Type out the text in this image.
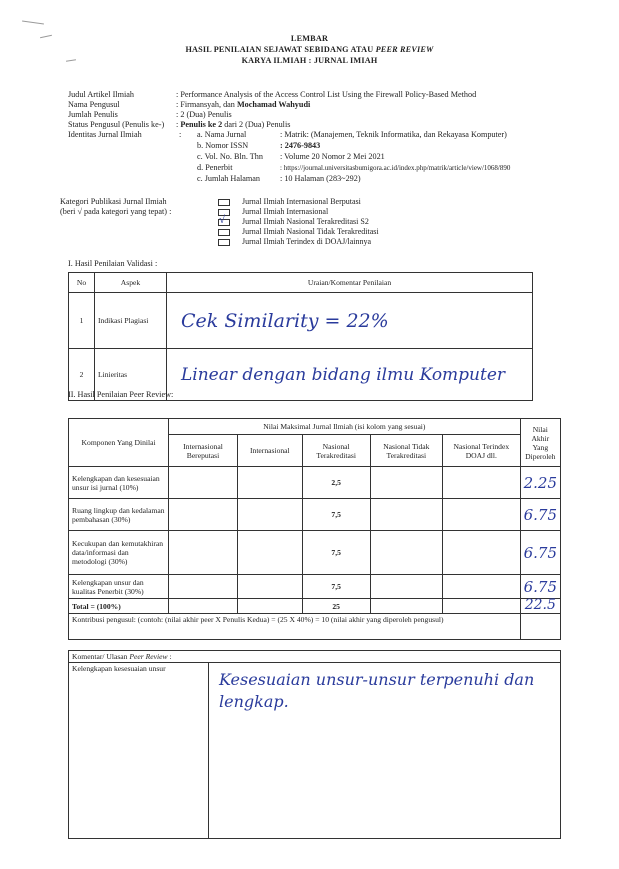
LEMBAR
HASIL PENILAIAN SEJAWAT SEBIDANG ATAU PEER REVIEW
KARYA ILMIAH : JURNAL IMIAH
Judul Artikel Ilmiah	: Performance Analysis of the Access Control List Using the Firewall Policy-Based Method
Nama Pengusul	: Firmansyah, dan Mochamad Wahyudi
Jumlah Penulis	: 2 (Dua) Penulis
Status Pengusul (Penulis ke-) : Penulis ke 2 dari 2 (Dua) Penulis
Identitas Jurnal Ilmiah	: a. Nama Jurnal	: Matrik: (Manajemen, Teknik Informatika, dan Rekayasa Komputer)
b. Nomor ISSN	: 2476-9843
c. Vol. No. Bln. Thn : Volume 20 Nomor 2 Mei 2021
d. Penerbit	: https://journal.universitasbumigora.ac.id/index.php/matrik/article/view/1068/890
c. Jumlah Halaman : 10 Halaman (283~292)
Kategori Publikasi Jurnal Ilmiah
(beri √ pada kategori yang tepat) :
Jurnal Ilmiah Internasional Berputasi
Jurnal Ilmiah Internasional
√ Jurnal Ilmiah Nasional Terakreditasi S2
Jurnal Ilmiah Nasional Tidak Terakreditasi
Jurnal Ilmiah Terindex di DOAJ/lainnya
I. Hasil Penilaian Validasi :
No	Aspek	Uraian/Komentar Penilaian
1	Indikasi Plagiasi	Cek Similarity = 22%
2	Linieritas	Linear dengan bidang ilmu Komputer
II. Hasil Penilaian Peer Review:
Komponen Yang Dinilai	Nilai Maksimal Jurnal Ilmiah (isi kolom yang sesuai)					Nilai Akhir Yang Diperoleh
	Internasional Bereputasi	Internasional	Nasional Terakreditasi	Nasional Tidak Terakreditasi	Nasional Terindex DOAJ dll.	
Kelengkapan dan kesesuaian unsur isi jurnal (10%)			2,5			2.25
Ruang lingkup dan kedalaman pembahasan (30%)			7,5			6.75
Kecukupan dan kemutakhiran data/informasi dan metodologi (30%)			7,5			6.75
Kelengkapan unsur dan kualitas Penerbit (30%)			7,5			6.75
Total = (100%)			25			22.5
Kontribusi pengusul: (contoh: (nilai akhir peer X Penulis Kedua) = (25 X 40%) = 10 (nilai akhir yang diperoleh pengusul)						
Komentar/ Ulasan Peer Review :
Kelengkapan kesesuaian unsur	
Kesesuaian unsur-unsur terpenuhi dan
lengkap.
